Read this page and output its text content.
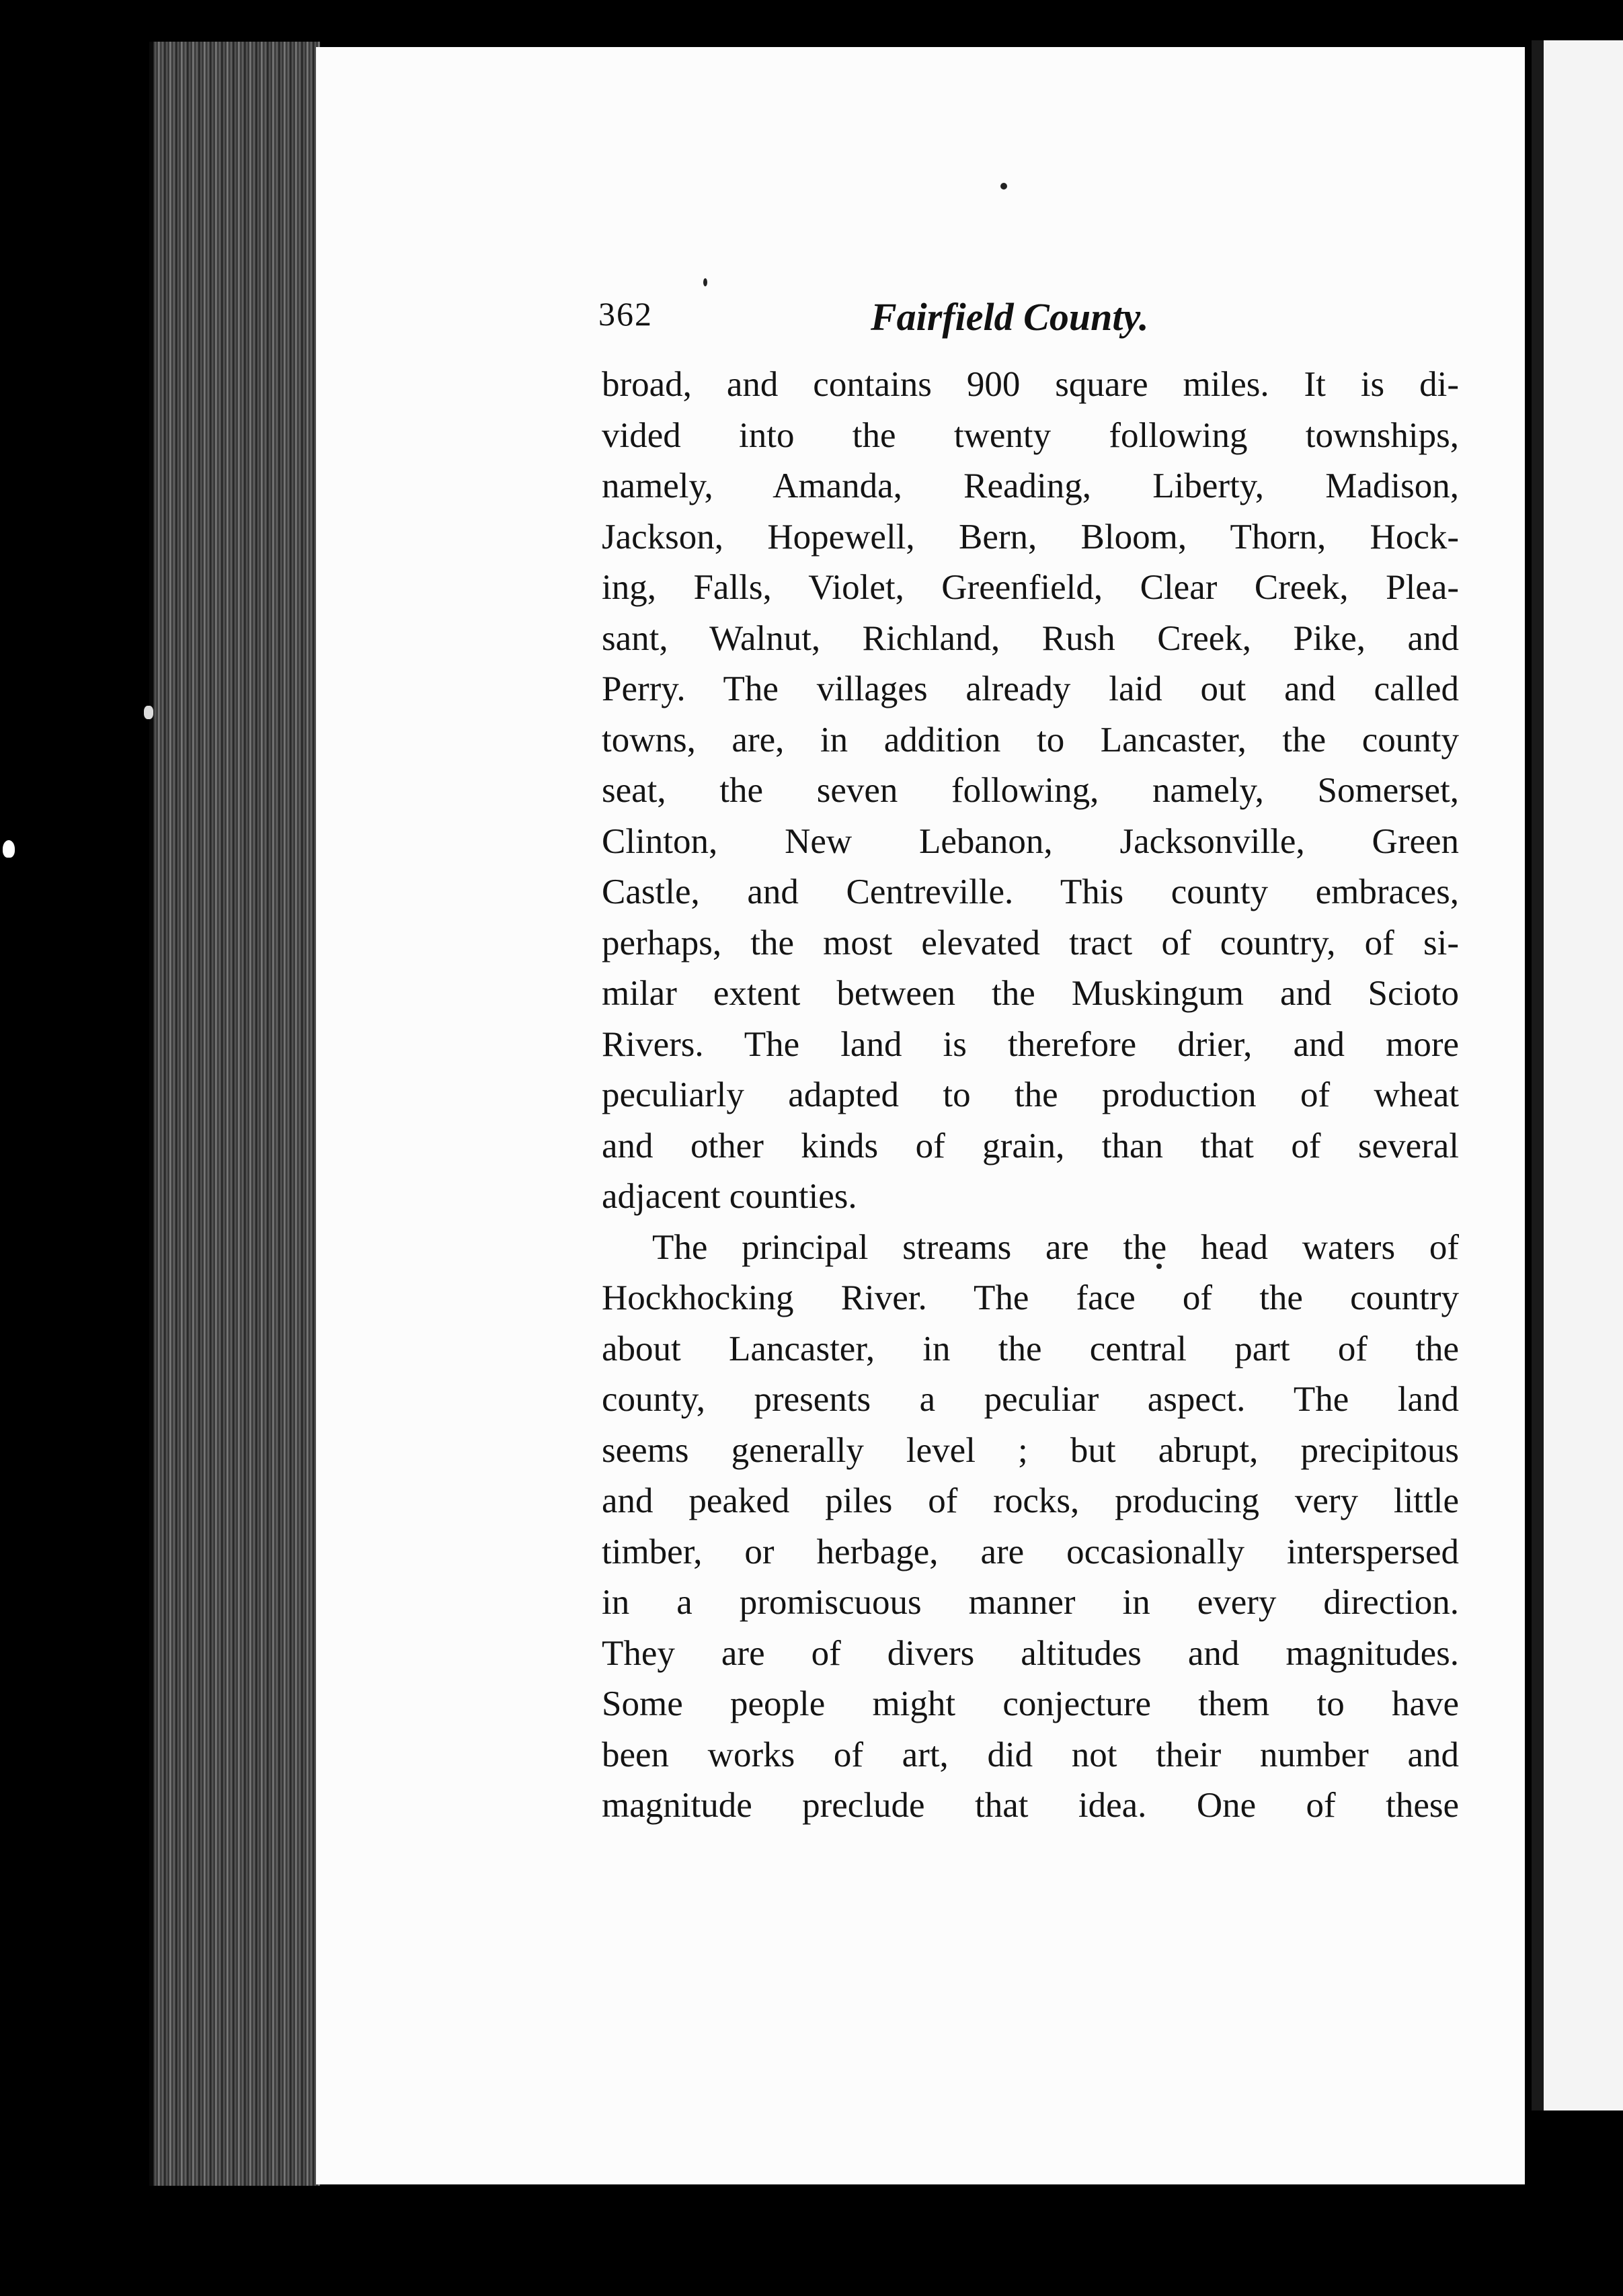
362	Fairfield County.
broad, and contains 900 square miles. It is di-
vided into the twenty following townships,
namely, Amanda, Reading, Liberty, Madison,
Jackson, Hopewell, Bern, Bloom, Thorn, Hock-
ing, Falls, Violet, Greenfield, Clear Creek, Plea-
sant, Walnut, Richland, Rush Creek, Pike, and
Perry. The villages already laid out and called
towns, are, in addition to Lancaster, the county
seat, the seven following, namely, Somerset,
Clinton, New Lebanon, Jacksonville, Green
Castle, and Centreville. This county embraces,
perhaps, the most elevated tract of country, of si-
milar extent between the Muskingum and Scioto
Rivers. The land is therefore drier, and more
peculiarly adapted to the production of wheat
and other kinds of grain, than that of several
adjacent counties.
The principal streams are the head waters of
Hockhocking River. The face of the country
about Lancaster, in the central part of the
county, presents a peculiar aspect. The land
seems generally level ; but abrupt, precipitous
and peaked piles of rocks, producing very little
timber, or herbage, are occasionally interspersed
in a promiscuous manner in every direction.
They are of divers altitudes and magnitudes.
Some people might conjecture them to have
been works of art, did not their number and
magnitude preclude that idea. One of these
